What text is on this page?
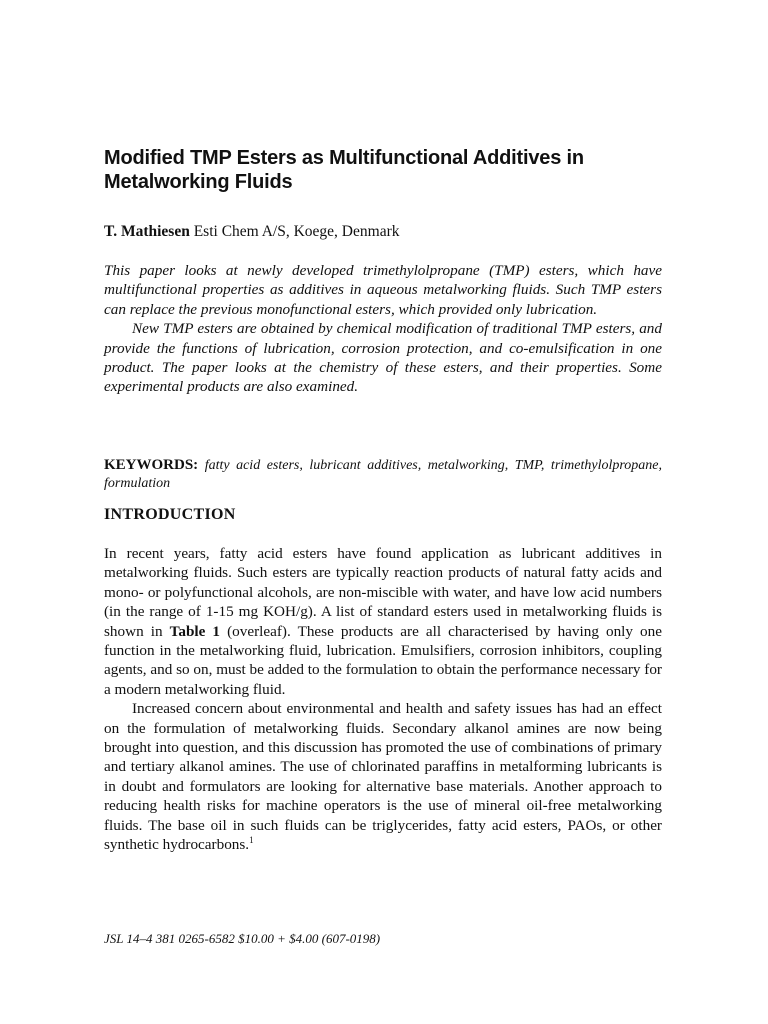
Modified TMP Esters as Multifunctional Additives in Metalworking Fluids

T. Mathiesen Esti Chem A/S, Koege, Denmark

This paper looks at newly developed trimethylolpropane (TMP) esters, which have multifunctional properties as additives in aqueous metalworking fluids. Such TMP esters can replace the previous monofunctional esters, which provided only lubrication.

New TMP esters are obtained by chemical modification of traditional TMP esters, and provide the functions of lubrication, corrosion protection, and co-emulsification in one product. The paper looks at the chemistry of these esters, and their properties. Some experimental products are also examined.

KEYWORDS: fatty acid esters, lubricant additives, metalworking, TMP, trimethylolpropane, formulation

INTRODUCTION

In recent years, fatty acid esters have found application as lubricant additives in metalworking fluids. Such esters are typically reaction products of natural fatty acids and mono- or polyfunctional alcohols, are non-miscible with water, and have low acid numbers (in the range of 1-15 mg KOH/g). A list of standard esters used in metalworking fluids is shown in Table 1 (overleaf). These products are all characterised by having only one function in the metalworking fluid, lubrication. Emulsifiers, corrosion inhibitors, coupling agents, and so on, must be added to the formulation to obtain the performance necessary for a modern metalworking fluid.

Increased concern about environmental and health and safety issues has had an effect on the formulation of metalworking fluids. Secondary alkanol amines are now being brought into question, and this discussion has promoted the use of combinations of primary and tertiary alkanol amines. The use of chlorinated paraffins in metalforming lubricants is in doubt and formulators are looking for alternative base materials. Another approach to reducing health risks for machine operators is the use of mineral oil-free metalworking fluids. The base oil in such fluids can be triglycerides, fatty acid esters, PAOs, or other synthetic hydrocarbons.$^1$

JSL 14–4 381 0265-6582 $10.00 + $4.00 (607-0198)
